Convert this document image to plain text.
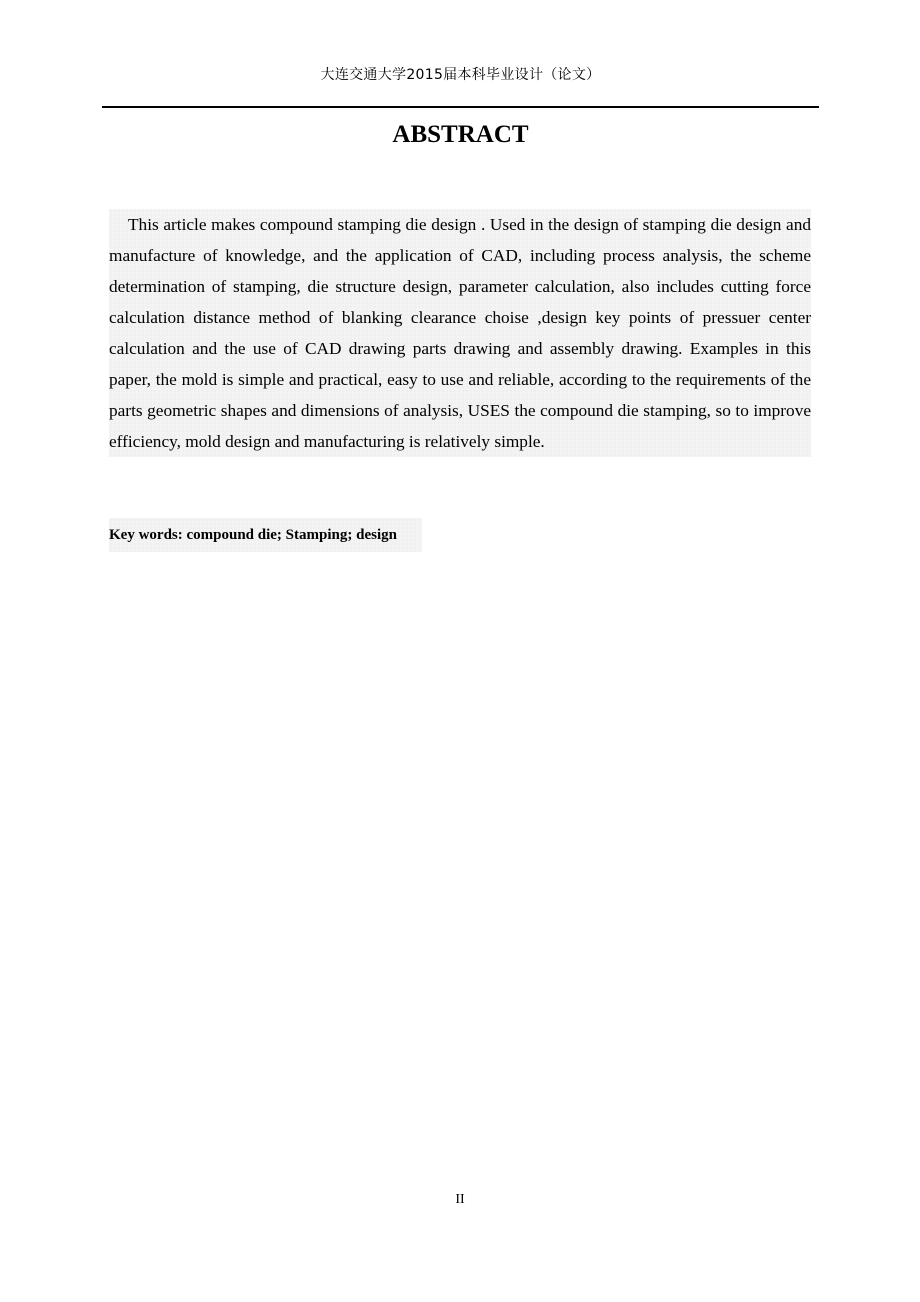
大连交通大学2015届本科毕业设计（论文）
ABSTRACT
This article makes compound stamping die design . Used in the design of stamping die design and manufacture of knowledge, and the application of CAD, including process analysis, the scheme determination of stamping, die structure design, parameter calculation, also includes cutting force calculation distance method of blanking clearance choise ,design key points of pressuer center calculation and the use of CAD drawing parts drawing and assembly drawing. Examples in this paper, the mold is simple and practical, easy to use and reliable, according to the requirements of the parts geometric shapes and dimensions of analysis, USES the compound die stamping, so to improve efficiency, mold design and manufacturing is relatively simple.
Key words: compound die; Stamping; design
II
